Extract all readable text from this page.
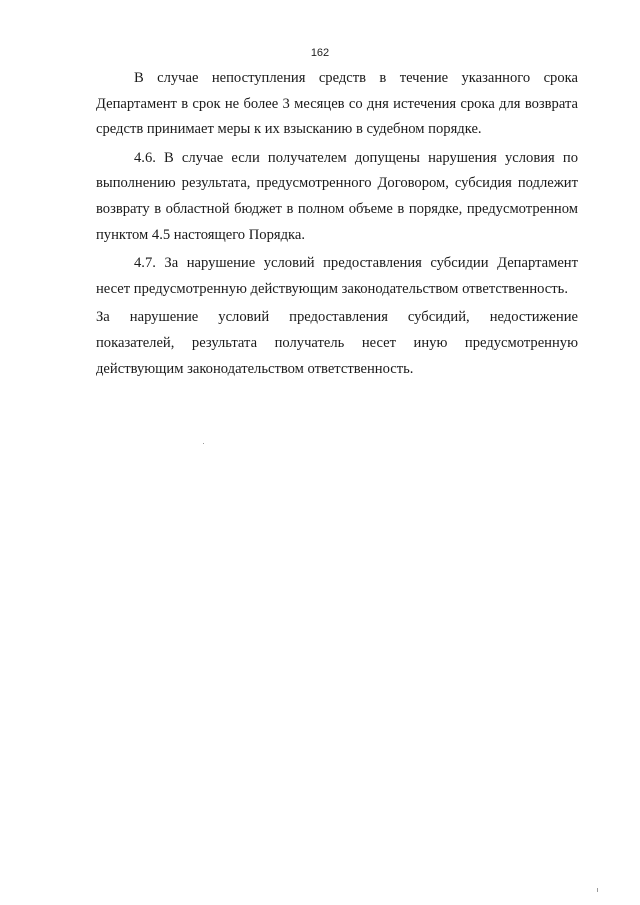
162

В случае непоступления средств в течение указанного срока Департамент в срок не более 3 месяцев со дня истечения срока для возврата средств принимает меры к их взысканию в судебном порядке.

4.6. В случае если получателем допущены нарушения условия по выполнению результата, предусмотренного Договором, субсидия подлежит возврату в областной бюджет в полном объеме в порядке, предусмотренном пунктом 4.5 настоящего Порядка.

4.7. За нарушение условий предоставления субсидии Департамент несет предусмотренную действующим законодательством ответственность.

За нарушение условий предоставления субсидий, недостижение показателей, результата получатель несет иную предусмотренную действующим законодательством ответственность.
